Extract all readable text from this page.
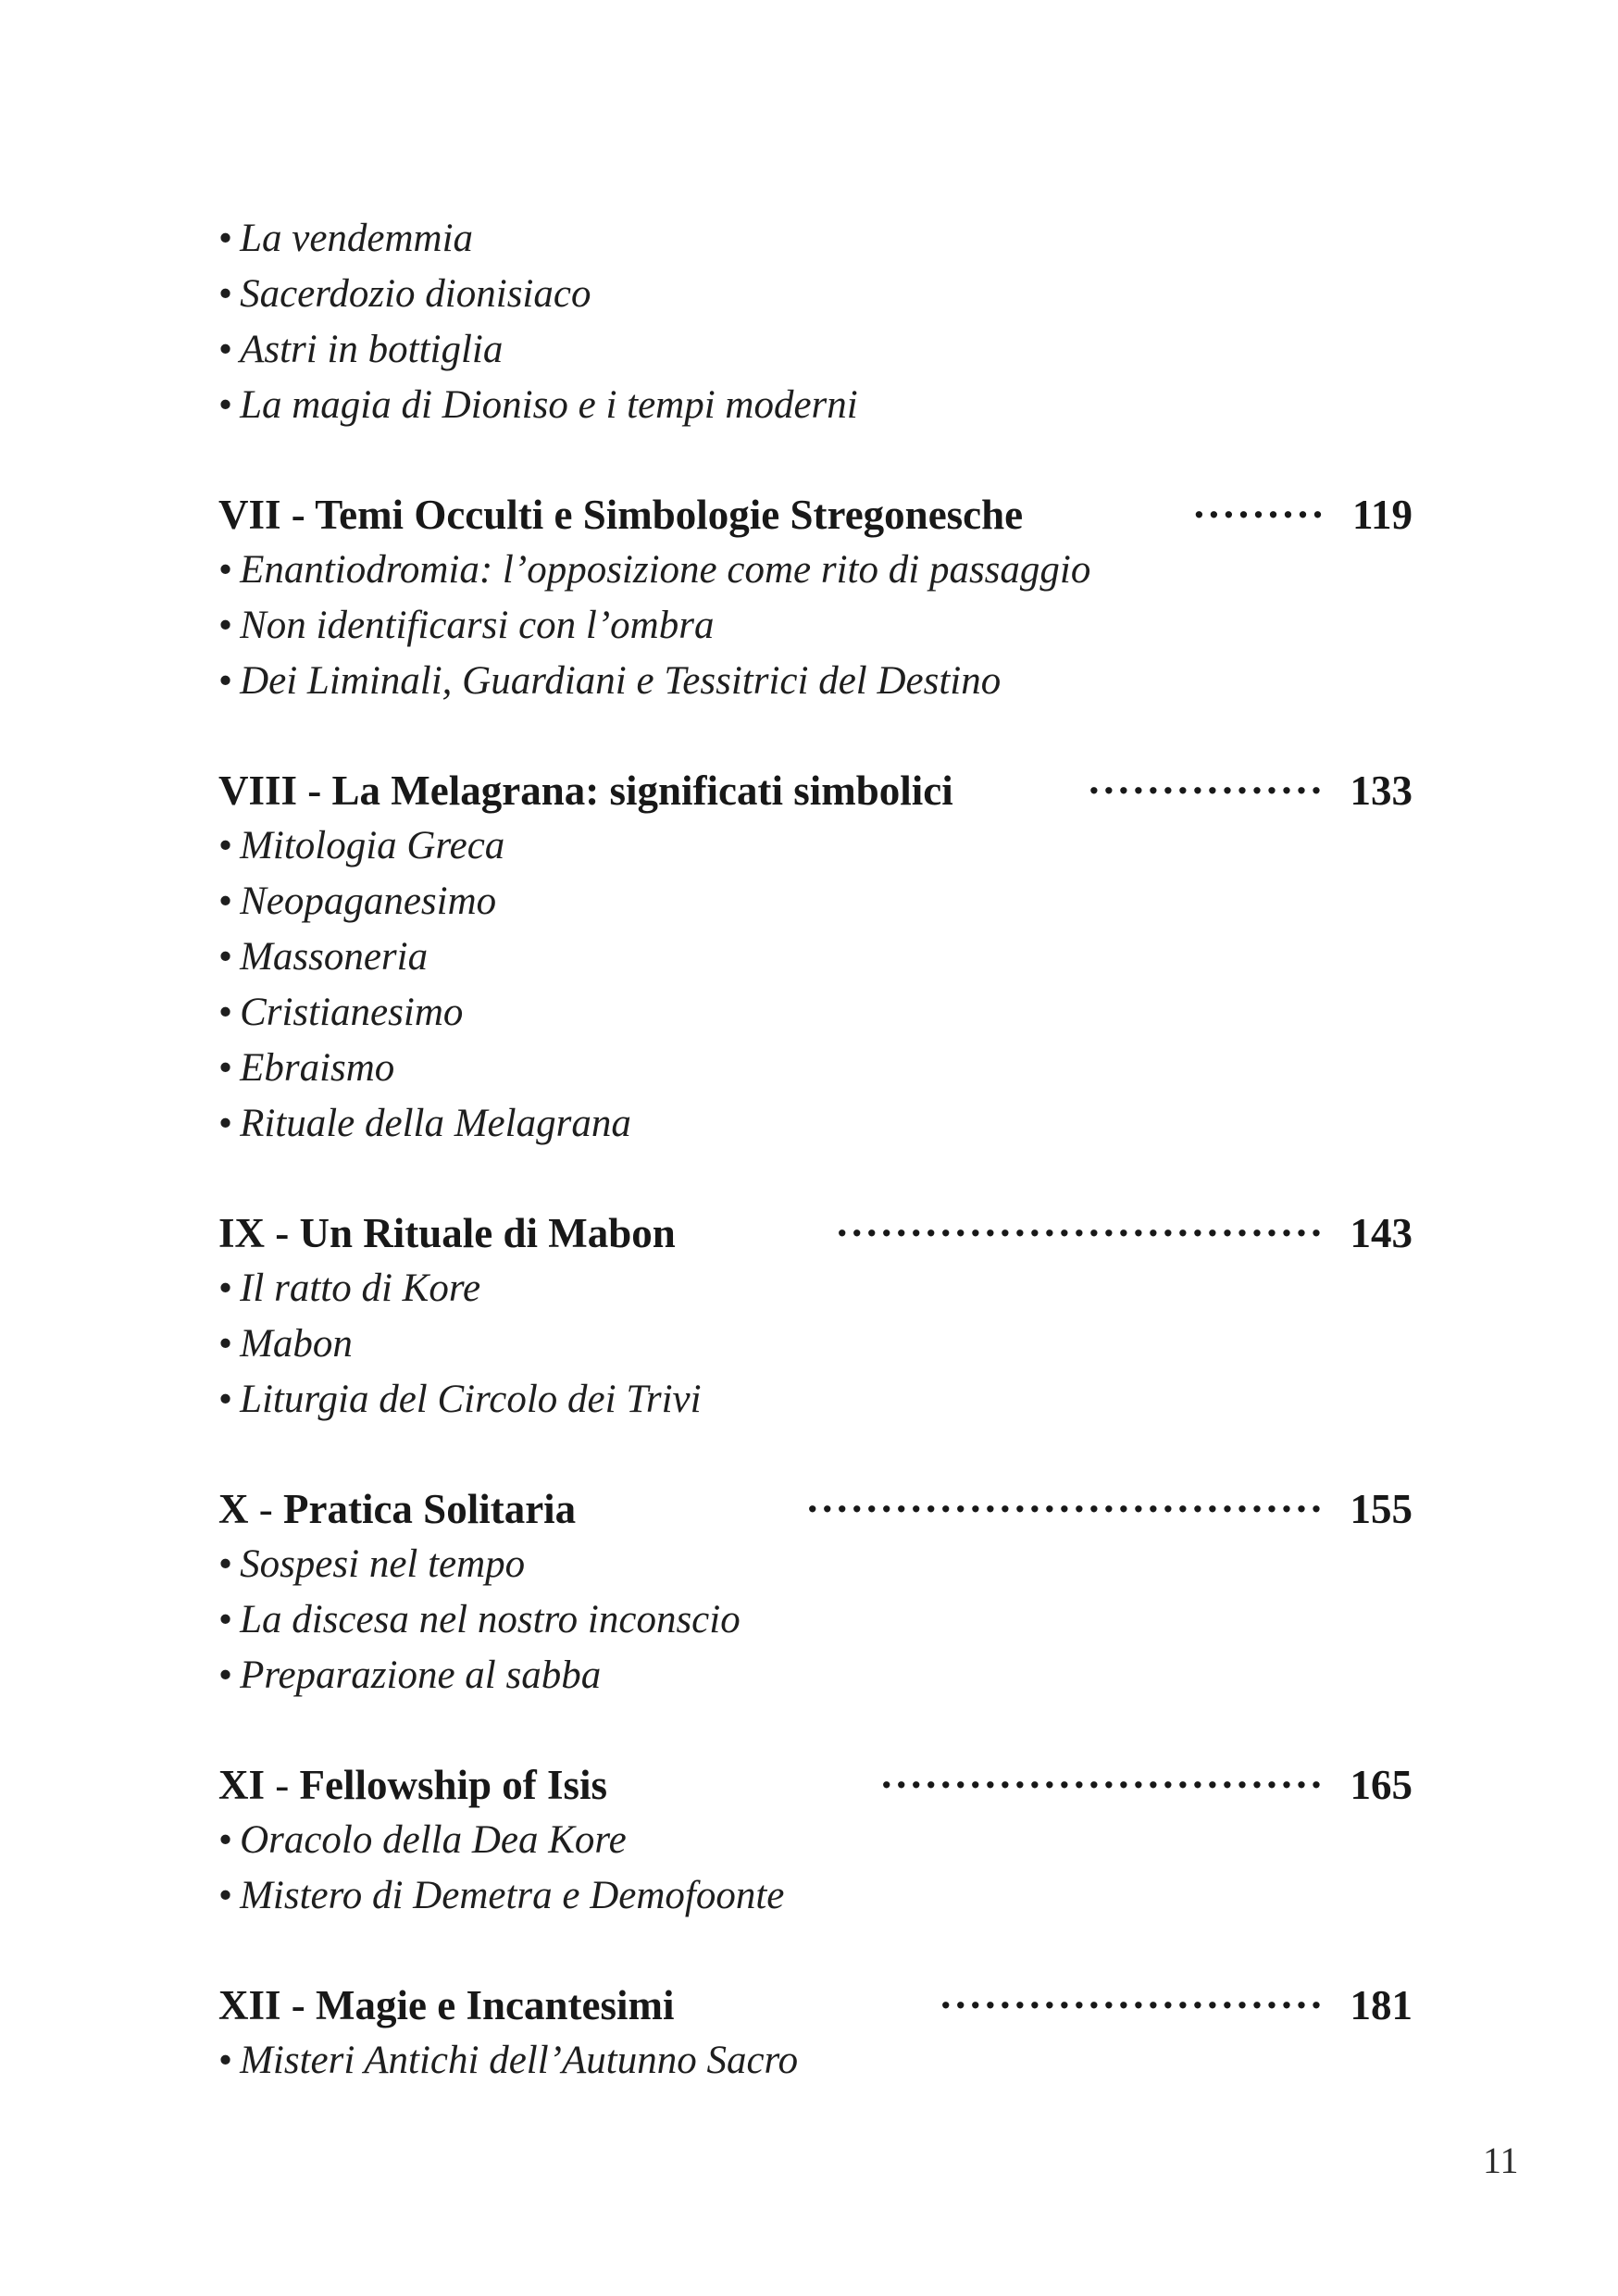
• La vendemmia
• Sacerdozio dionisiaco
• Astri in bottiglia
• La magia di Dioniso e i tempi moderni
VII - Temi Occulti e Simbologie Stregonesche	········· 119
• Enantiodromia: l’opposizione come rito di passaggio
• Non identificarsi con l’ombra
• Dei Liminali, Guardiani e Tessitrici del Destino
VIII - La Melagrana: significati simbolici	················ 133
• Mitologia Greca
• Neopaganesimo
• Massoneria
• Cristianesimo
• Ebraismo
• Rituale della Melagrana
IX - Un Rituale di Mabon	································· 143
• Il ratto di Kore
• Mabon
• Liturgia del Circolo dei Trivi
X - Pratica Solitaria	··································· 155
• Sospesi nel tempo
• La discesa nel nostro inconscio
• Preparazione al sabba
XI - Fellowship of Isis	······························ 165
• Oracolo della Dea Kore
• Mistero di Demetra e Demofoonte
XII - Magie e Incantesimi	·························· 181
• Misteri Antichi dell’Autunno Sacro
11
